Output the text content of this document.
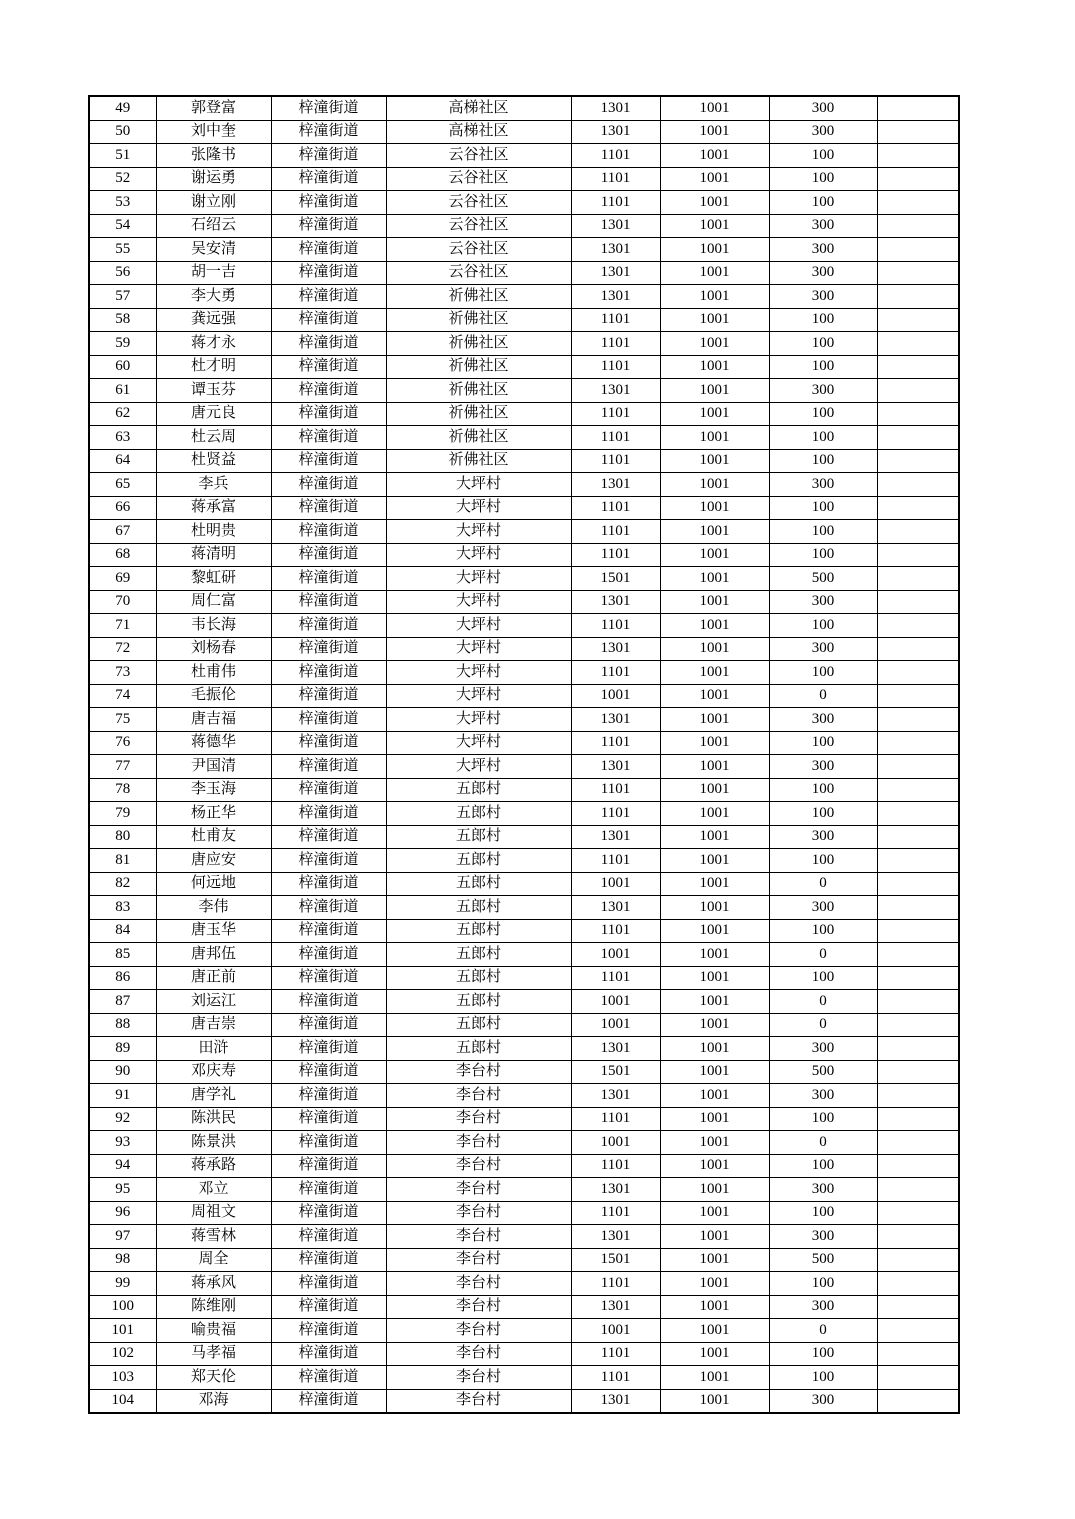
49	郭登富	梓潼街道	高梯社区	1301	1001	300	
50	刘中奎	梓潼街道	高梯社区	1301	1001	300	
51	张隆书	梓潼街道	云谷社区	1101	1001	100	
52	谢运勇	梓潼街道	云谷社区	1101	1001	100	
53	谢立刚	梓潼街道	云谷社区	1101	1001	100	
54	石绍云	梓潼街道	云谷社区	1301	1001	300	
55	吴安清	梓潼街道	云谷社区	1301	1001	300	
56	胡一吉	梓潼街道	云谷社区	1301	1001	300	
57	李大勇	梓潼街道	祈佛社区	1301	1001	300	
58	龚远强	梓潼街道	祈佛社区	1101	1001	100	
59	蒋才永	梓潼街道	祈佛社区	1101	1001	100	
60	杜才明	梓潼街道	祈佛社区	1101	1001	100	
61	谭玉芬	梓潼街道	祈佛社区	1301	1001	300	
62	唐元良	梓潼街道	祈佛社区	1101	1001	100	
63	杜云周	梓潼街道	祈佛社区	1101	1001	100	
64	杜贤益	梓潼街道	祈佛社区	1101	1001	100	
65	李兵	梓潼街道	大坪村	1301	1001	300	
66	蒋承富	梓潼街道	大坪村	1101	1001	100	
67	杜明贵	梓潼街道	大坪村	1101	1001	100	
68	蒋清明	梓潼街道	大坪村	1101	1001	100	
69	黎虹研	梓潼街道	大坪村	1501	1001	500	
70	周仁富	梓潼街道	大坪村	1301	1001	300	
71	韦长海	梓潼街道	大坪村	1101	1001	100	
72	刘杨春	梓潼街道	大坪村	1301	1001	300	
73	杜甫伟	梓潼街道	大坪村	1101	1001	100	
74	毛振伦	梓潼街道	大坪村	1001	1001	0	
75	唐吉福	梓潼街道	大坪村	1301	1001	300	
76	蒋德华	梓潼街道	大坪村	1101	1001	100	
77	尹国清	梓潼街道	大坪村	1301	1001	300	
78	李玉海	梓潼街道	五郎村	1101	1001	100	
79	杨正华	梓潼街道	五郎村	1101	1001	100	
80	杜甫友	梓潼街道	五郎村	1301	1001	300	
81	唐应安	梓潼街道	五郎村	1101	1001	100	
82	何远地	梓潼街道	五郎村	1001	1001	0	
83	李伟	梓潼街道	五郎村	1301	1001	300	
84	唐玉华	梓潼街道	五郎村	1101	1001	100	
85	唐邦伍	梓潼街道	五郎村	1001	1001	0	
86	唐正前	梓潼街道	五郎村	1101	1001	100	
87	刘运江	梓潼街道	五郎村	1001	1001	0	
88	唐吉崇	梓潼街道	五郎村	1001	1001	0	
89	田浒	梓潼街道	五郎村	1301	1001	300	
90	邓庆寿	梓潼街道	李台村	1501	1001	500	
91	唐学礼	梓潼街道	李台村	1301	1001	300	
92	陈洪民	梓潼街道	李台村	1101	1001	100	
93	陈景洪	梓潼街道	李台村	1001	1001	0	
94	蒋承路	梓潼街道	李台村	1101	1001	100	
95	邓立	梓潼街道	李台村	1301	1001	300	
96	周祖文	梓潼街道	李台村	1101	1001	100	
97	蒋雪林	梓潼街道	李台村	1301	1001	300	
98	周全	梓潼街道	李台村	1501	1001	500	
99	蒋承风	梓潼街道	李台村	1101	1001	100	
100	陈维刚	梓潼街道	李台村	1301	1001	300	
101	喻贵福	梓潼街道	李台村	1001	1001	0	
102	马孝福	梓潼街道	李台村	1101	1001	100	
103	郑天伦	梓潼街道	李台村	1101	1001	100	
104	邓海	梓潼街道	李台村	1301	1001	300	
